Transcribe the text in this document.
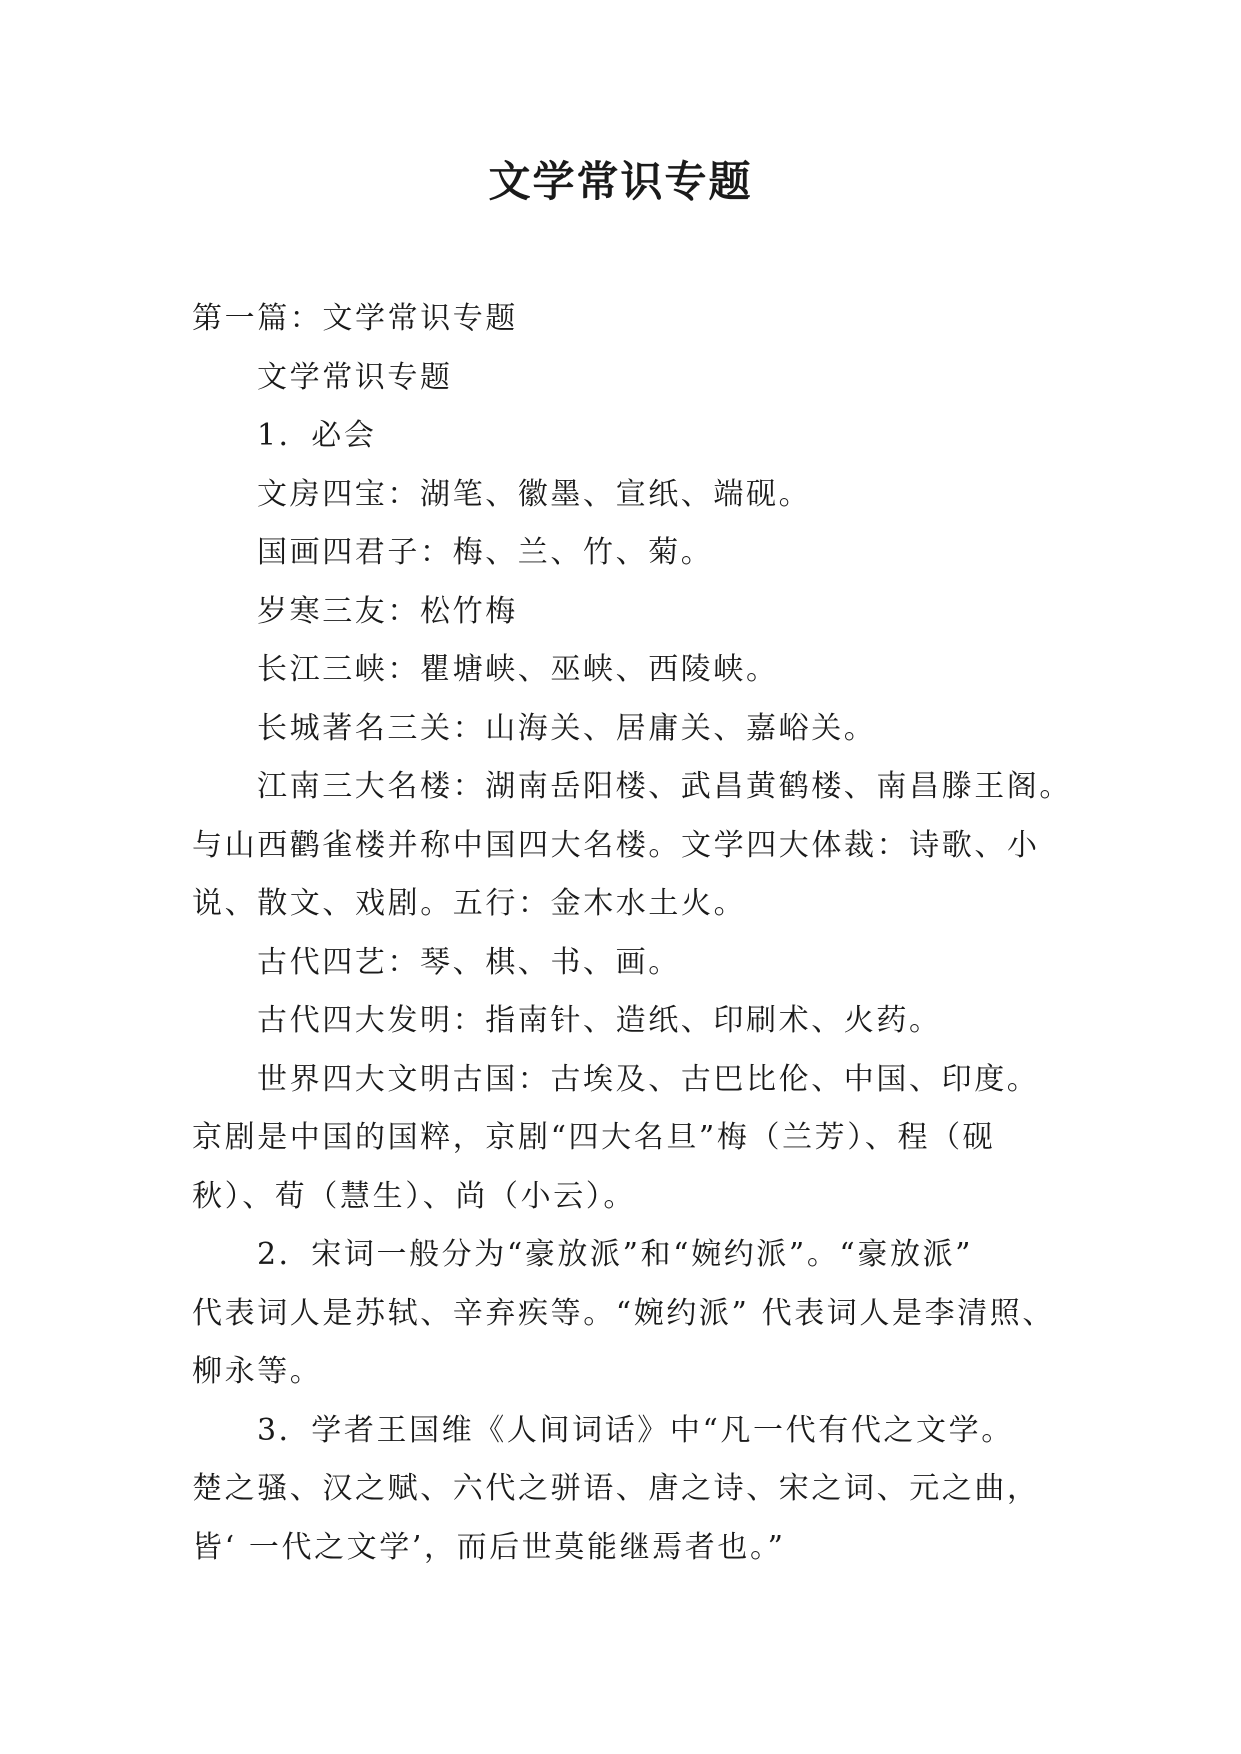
文学常识专题
第一篇：文学常识专题
文学常识专题
1．必会
文房四宝：湖笔、徽墨、宣纸、端砚。
国画四君子：梅、兰、竹、菊。
岁寒三友：松竹梅
长江三峡：瞿塘峡、巫峡、西陵峡。
长城著名三关：山海关、居庸关、嘉峪关。
江南三大名楼：湖南岳阳楼、武昌黄鹤楼、南昌滕王阁。
与山西鹳雀楼并称中国四大名楼。文学四大体裁：诗歌、小
说、散文、戏剧。五行：金木水土火。
古代四艺：琴、棋、书、画。
古代四大发明：指南针、造纸、印刷术、火药。
世界四大文明古国：古埃及、古巴比伦、中国、印度。
京剧是中国的国粹，京剧“四大名旦”梅（兰芳）、程（砚
秋）、荀（慧生）、尚（小云）。
2．宋词一般分为“豪放派”和“婉约派”。“豪放派”
代表词人是苏轼、辛弃疾等。“婉约派” 代表词人是李清照、
柳永等。
3．学者王国维《人间词话》中“凡一代有代之文学。
楚之骚、汉之赋、六代之骈语、唐之诗、宋之词、元之曲，
皆‘ 一代之文学’，而后世莫能继焉者也。”
